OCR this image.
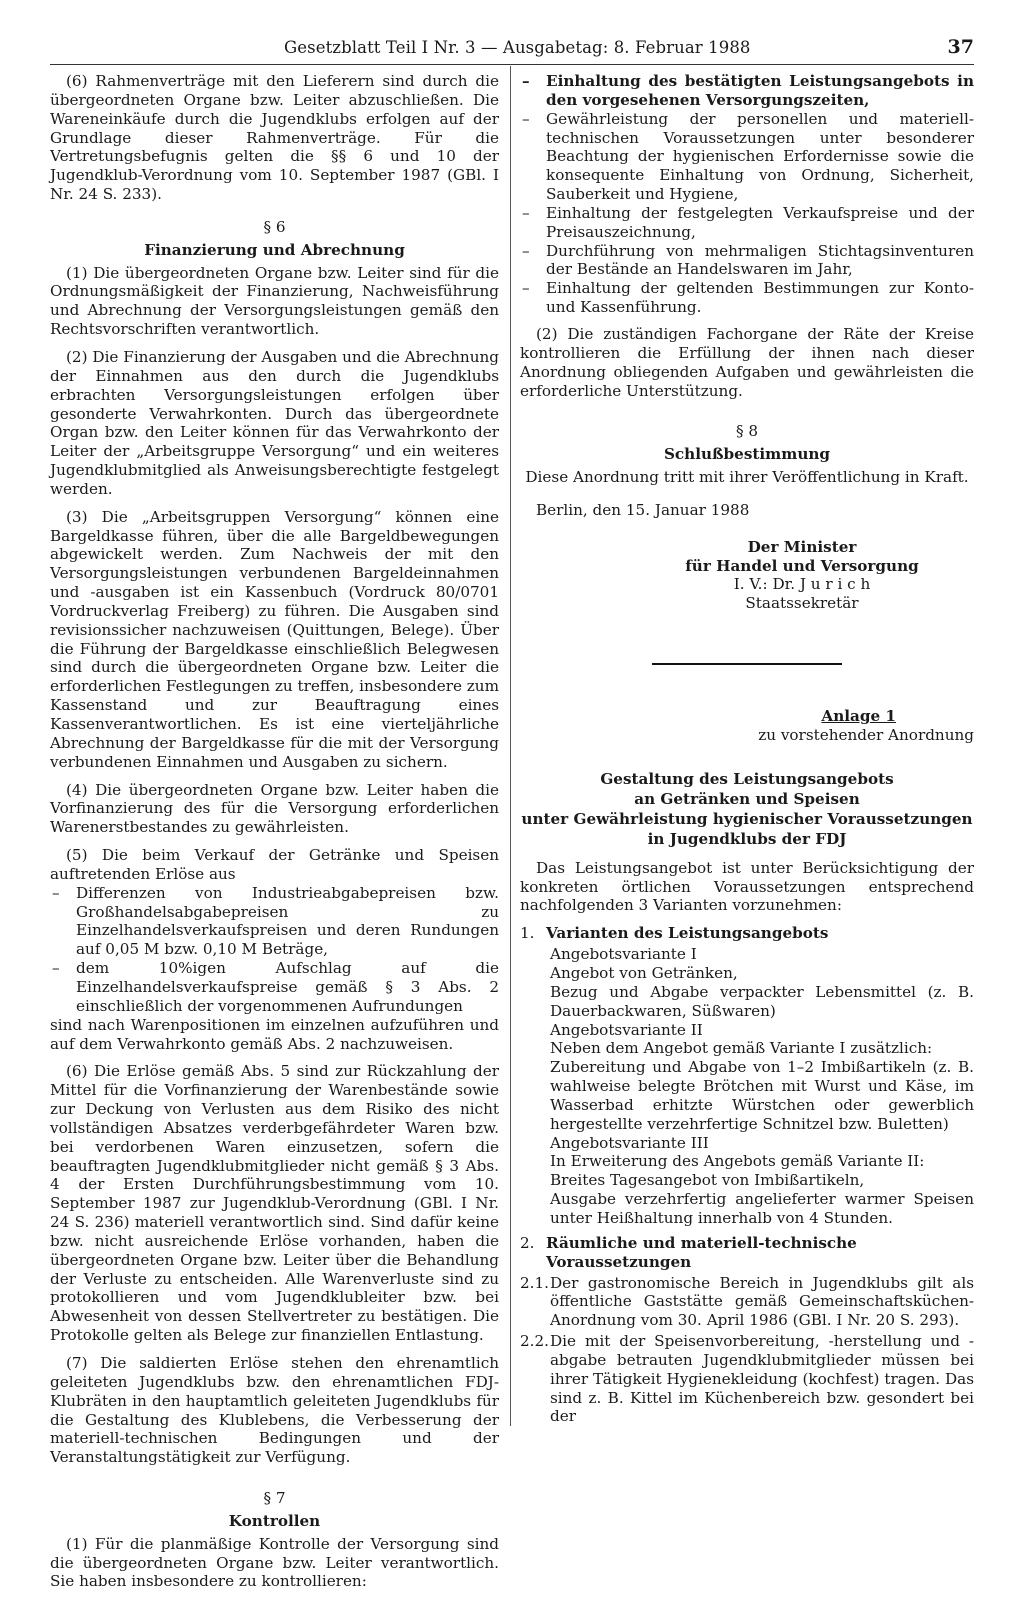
Gesetzblatt Teil I Nr. 3 — Ausgabetag: 8. Februar 1988	37

(6) Rahmenverträge mit den Lieferern sind durch die übergeordneten Organe bzw. Leiter abzuschließen. Die Wareneinkäufe durch die Jugendklubs erfolgen auf der Grundlage dieser Rahmenverträge. Für die Vertretungsbefugnis gelten die §§ 6 und 10 der Jugendklub-Verordnung vom 10. September 1987 (GBl. I Nr. 24 S. 233).

§ 6
Finanzierung und Abrechnung

(1) Die übergeordneten Organe bzw. Leiter sind für die Ordnungsmäßigkeit der Finanzierung, Nachweisführung und Abrechnung der Versorgungsleistungen gemäß den Rechtsvorschriften verantwortlich.

(2) Die Finanzierung der Ausgaben und die Abrechnung der Einnahmen aus den durch die Jugendklubs erbrachten Versorgungsleistungen erfolgen über gesonderte Verwahrkonten. Durch das übergeordnete Organ bzw. den Leiter können für das Verwahrkonto der Leiter der „Arbeitsgruppe Versorgung“ und ein weiteres Jugendklubmitglied als Anweisungsberechtigte festgelegt werden.

(3) Die „Arbeitsgruppen Versorgung“ können eine Bargeldkasse führen, über die alle Bargeldbewegungen abgewickelt werden. Zum Nachweis der mit den Versorgungsleistungen verbundenen Bargeldeinnahmen und -ausgaben ist ein Kassenbuch (Vordruck 80/0701 Vordruckverlag Freiberg) zu führen. Die Ausgaben sind revisionssicher nachzuweisen (Quittungen, Belege). Über die Führung der Bargeldkasse einschließlich Belegwesen sind durch die übergeordneten Organe bzw. Leiter die erforderlichen Festlegungen zu treffen, insbesondere zum Kassenstand und zur Beauftragung eines Kassenverantwortlichen. Es ist eine vierteljährliche Abrechnung der Bargeldkasse für die mit der Versorgung verbundenen Einnahmen und Ausgaben zu sichern.

(4) Die übergeordneten Organe bzw. Leiter haben die Vorfinanzierung des für die Versorgung erforderlichen Warenerstbestandes zu gewährleisten.

(5) Die beim Verkauf der Getränke und Speisen auftretenden Erlöse aus

– Differenzen von Industrieabgabepreisen bzw. Großhandelsabgabepreisen zu Einzelhandelsverkaufspreisen und deren Rundungen auf 0,05 M bzw. 0,10 M Beträge,
– dem 10%igen Aufschlag auf die Einzelhandelsverkaufspreise gemäß § 3 Abs. 2 einschließlich der vorgenommenen Aufrundungen

sind nach Warenpositionen im einzelnen aufzuführen und auf dem Verwahrkonto gemäß Abs. 2 nachzuweisen.

(6) Die Erlöse gemäß Abs. 5 sind zur Rückzahlung der Mittel für die Vorfinanzierung der Warenbestände sowie zur Deckung von Verlusten aus dem Risiko des nicht vollständigen Absatzes verderbgefährdeter Waren bzw. bei verdorbenen Waren einzusetzen, sofern die beauftragten Jugendklubmitglieder nicht gemäß § 3 Abs. 4 der Ersten Durchführungsbestimmung vom 10. September 1987 zur Jugendklub-Verordnung (GBl. I Nr. 24 S. 236) materiell verantwortlich sind. Sind dafür keine bzw. nicht ausreichende Erlöse vorhanden, haben die übergeordneten Organe bzw. Leiter über die Behandlung der Verluste zu entscheiden. Alle Warenverluste sind zu protokollieren und vom Jugendklubleiter bzw. bei Abwesenheit von dessen Stellvertreter zu bestätigen. Die Protokolle gelten als Belege zur finanziellen Entlastung.

(7) Die saldierten Erlöse stehen den ehrenamtlich geleiteten Jugendklubs bzw. den ehrenamtlichen FDJ-Klubräten in den hauptamtlich geleiteten Jugendklubs für die Gestaltung des Klublebens, die Verbesserung der materiell-technischen Bedingungen und der Veranstaltungstätigkeit zur Verfügung.

§ 7
Kontrollen

(1) Für die planmäßige Kontrolle der Versorgung sind die übergeordneten Organe bzw. Leiter verantwortlich. Sie haben insbesondere zu kontrollieren:

– Einhaltung des bestätigten Leistungsangebots in den vorgesehenen Versorgungszeiten,
– Gewährleistung der personellen und materiell-technischen Voraussetzungen unter besonderer Beachtung der hygienischen Erfordernisse sowie die konsequente Einhaltung von Ordnung, Sicherheit, Sauberkeit und Hygiene,
– Einhaltung der festgelegten Verkaufspreise und der Preisauszeichnung,
– Durchführung von mehrmaligen Stichtagsinventuren der Bestände an Handelswaren im Jahr,
– Einhaltung der geltenden Bestimmungen zur Konto- und Kassenführung.

(2) Die zuständigen Fachorgane der Räte der Kreise kontrollieren die Erfüllung der ihnen nach dieser Anordnung obliegenden Aufgaben und gewährleisten die erforderliche Unterstützung.

§ 8
Schlußbestimmung

Diese Anordnung tritt mit ihrer Veröffentlichung in Kraft.

Berlin, den 15. Januar 1988

Der Minister
für Handel und Versorgung
I. V.: Dr. J u r i c h
Staatssekretär
Anlage 1
zu vorstehender Anordnung
Gestaltung des Leistungsangebots
an Getränken und Speisen
unter Gewährleistung hygienischer Voraussetzungen
in Jugendklubs der FDJ

Das Leistungsangebot ist unter Berücksichtigung der konkreten örtlichen Voraussetzungen entsprechend nachfolgenden 3 Varianten vorzunehmen:

1. Varianten des Leistungsangebots

Angebotsvariante I

Angebot von Getränken,

Bezug und Abgabe verpackter Lebensmittel (z. B. Dauerbackwaren, Süßwaren)

Angebotsvariante II

Neben dem Angebot gemäß Variante I zusätzlich:

Zubereitung und Abgabe von 1–2 Imbißartikeln (z. B. wahlweise belegte Brötchen mit Wurst und Käse, im Wasserbad erhitzte Würstchen oder gewerblich hergestellte verzehrfertige Schnitzel bzw. Buletten)

Angebotsvariante III

In Erweiterung des Angebots gemäß Variante II:

Breites Tagesangebot von Imbißartikeln,

Ausgabe verzehrfertig angelieferter warmer Speisen unter Heißhaltung innerhalb von 4 Stunden.

2. Räumliche und materiell-technische Voraussetzungen
2.1. Der gastronomische Bereich in Jugendklubs gilt als öffentliche Gaststätte gemäß Gemeinschaftsküchen-Anordnung vom 30. April 1986 (GBl. I Nr. 20 S. 293).
2.2. Die mit der Speisenvorbereitung, -herstellung und -abgabe betrauten Jugendklubmitglieder müssen bei ihrer Tätigkeit Hygienekleidung (kochfest) tragen. Das sind z. B. Kittel im Küchenbereich bzw. gesondert bei der
